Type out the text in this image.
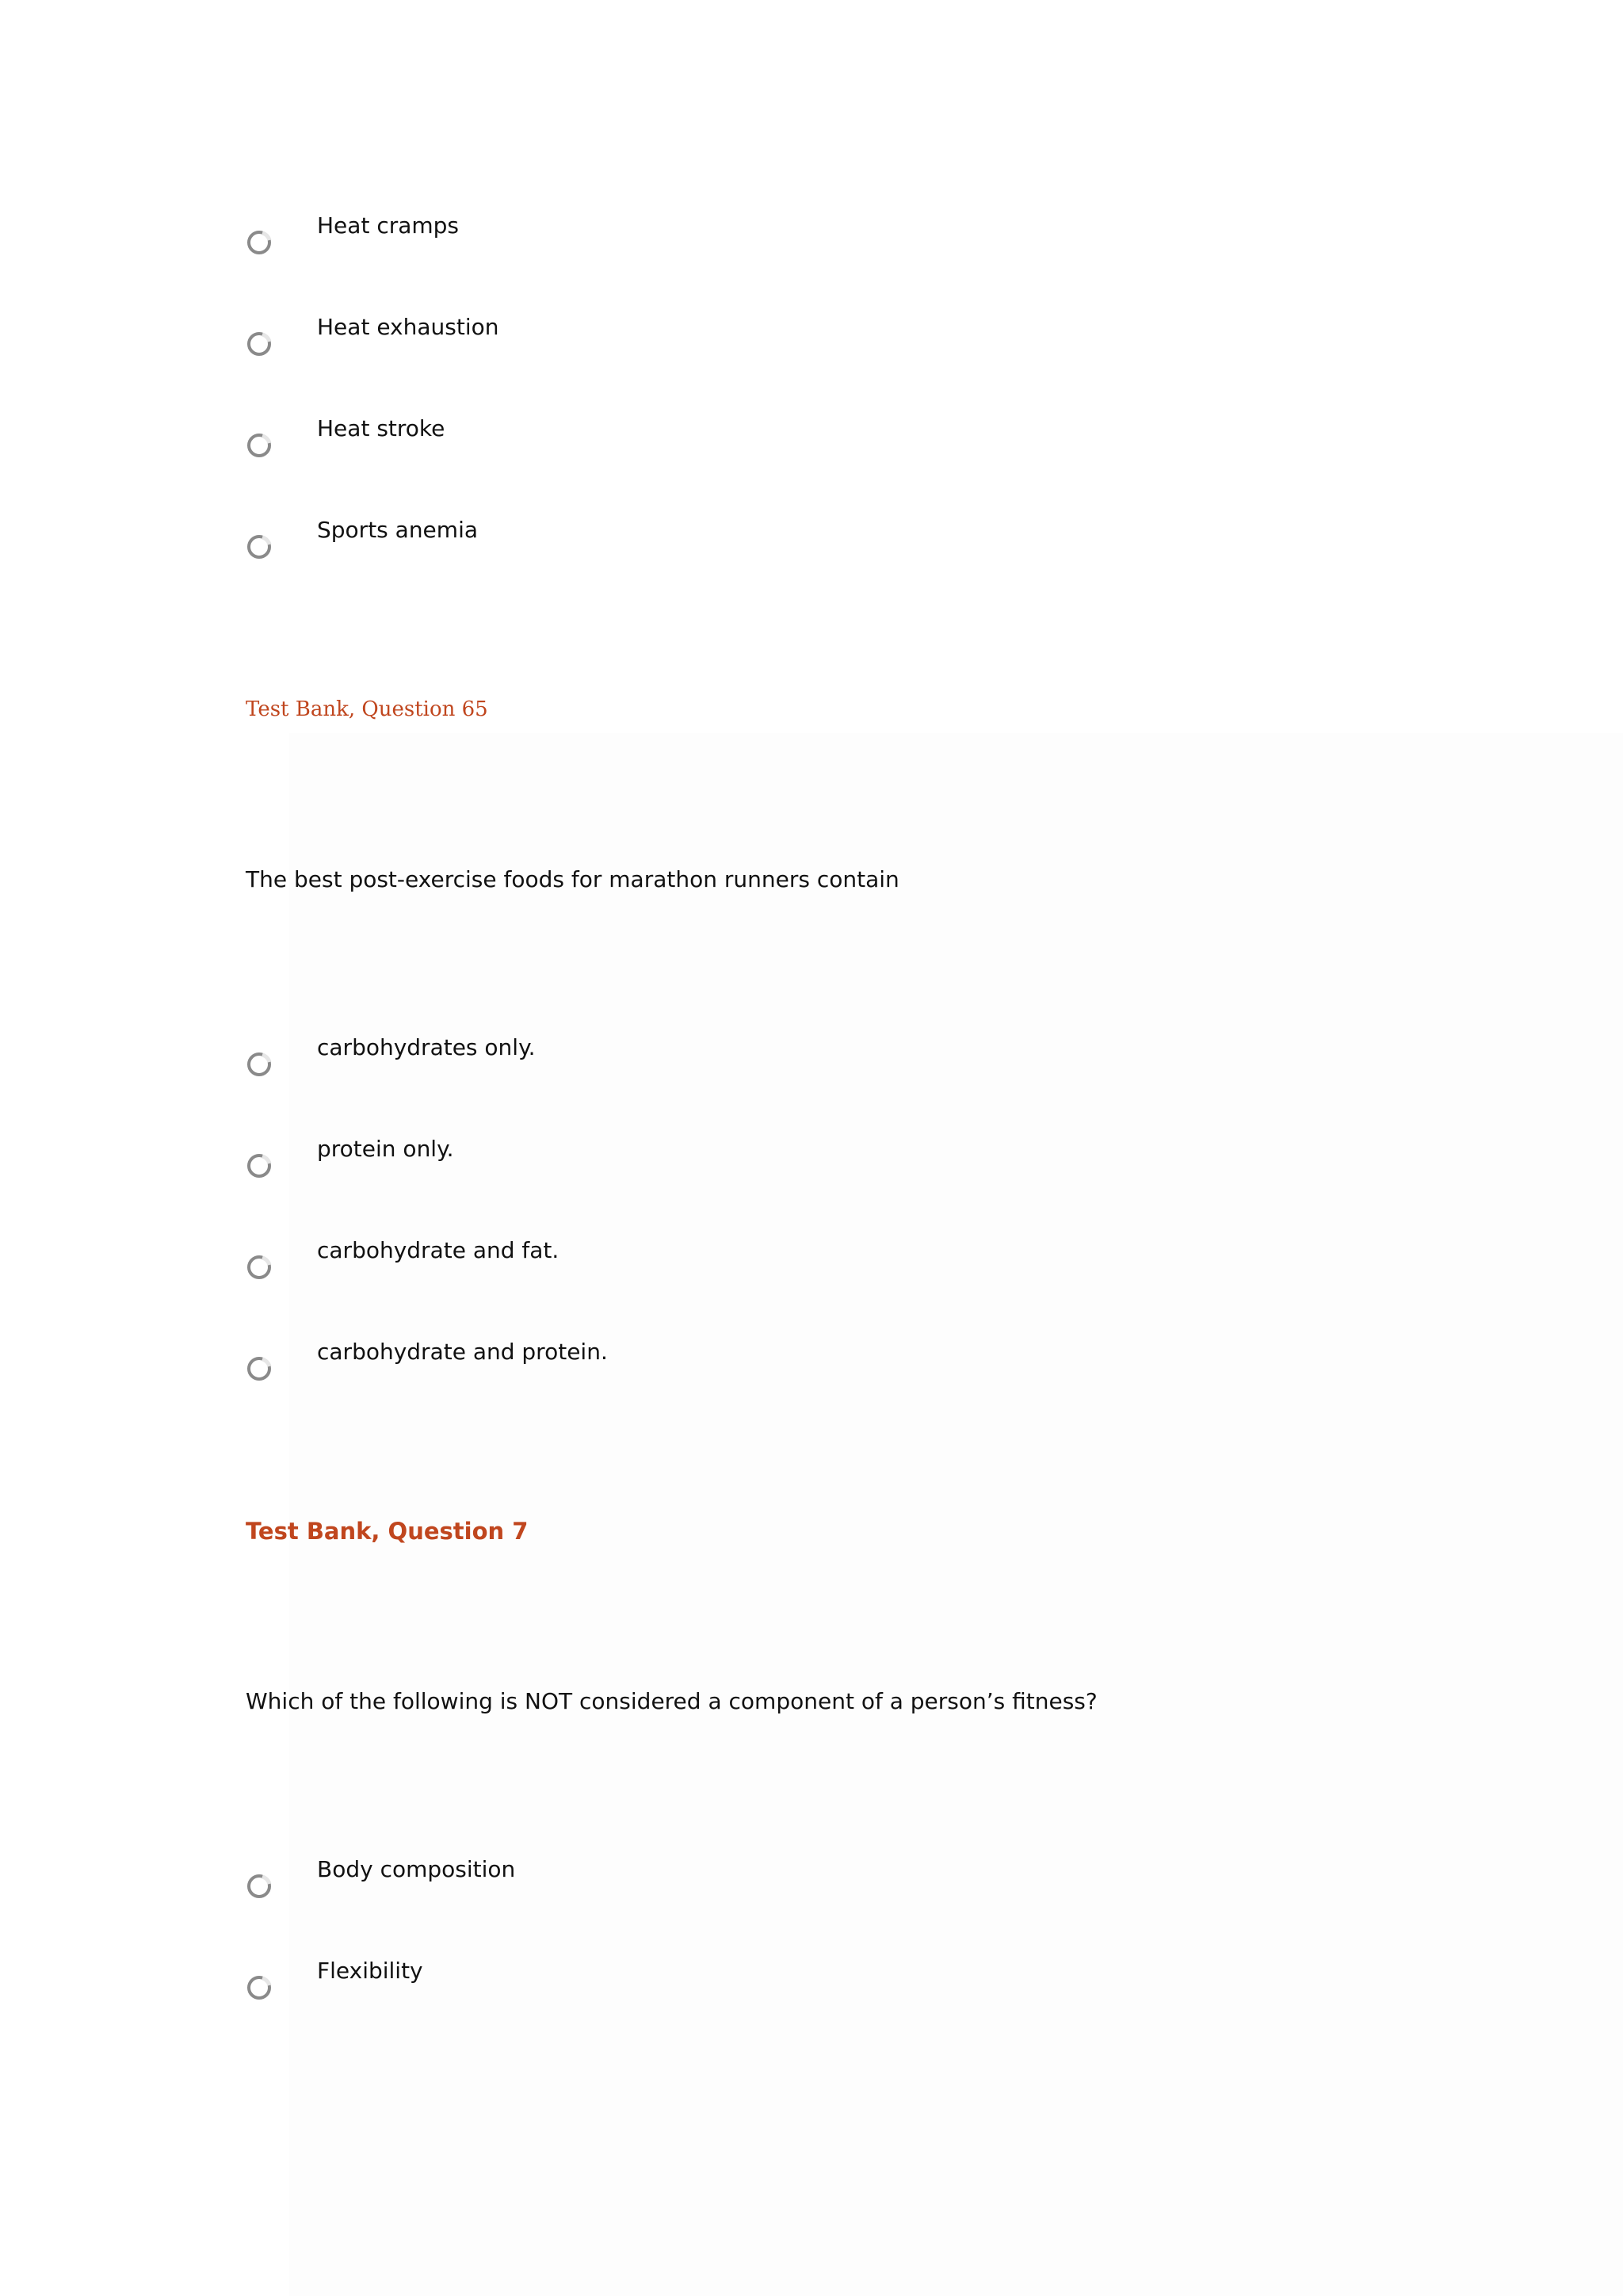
Heat cramps
Heat exhaustion
Heat stroke
Sports anemia
Test Bank, Question 65
The best post-exercise foods for marathon runners contain
carbohydrates only.
protein only.
carbohydrate and fat.
carbohydrate and protein.
Test Bank, Question 7
Which of the following is NOT considered a component of a person’s fitness?
Body composition
Flexibility
